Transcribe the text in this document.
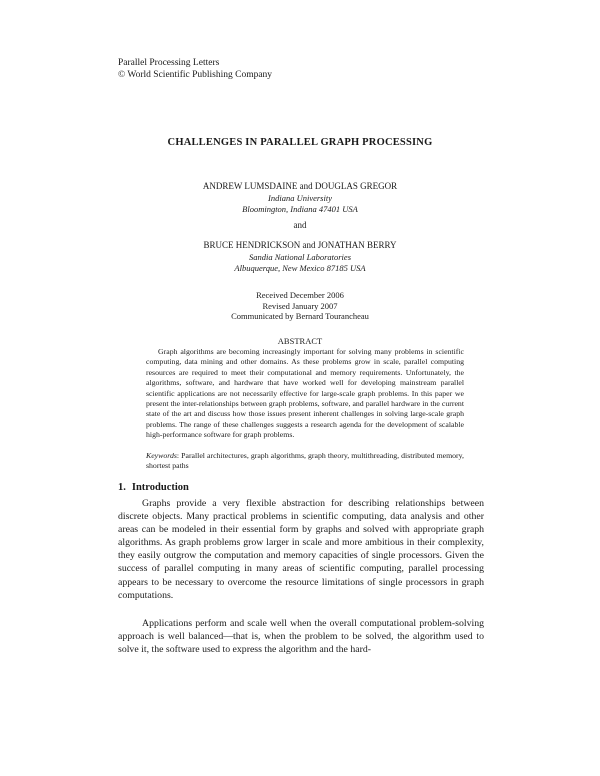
Parallel Processing Letters
© World Scientific Publishing Company
CHALLENGES IN PARALLEL GRAPH PROCESSING
ANDREW LUMSDAINE and DOUGLAS GREGOR
Indiana University
Bloomington, Indiana 47401 USA
and
BRUCE HENDRICKSON and JONATHAN BERRY
Sandia National Laboratories
Albuquerque, New Mexico 87185 USA
Received December 2006
Revised January 2007
Communicated by Bernard Tourancheau
ABSTRACT

Graph algorithms are becoming increasingly important for solving many problems in scientific computing, data mining and other domains. As these problems grow in scale, parallel computing resources are required to meet their computational and memory requirements. Unfortunately, the algorithms, software, and hardware that have worked well for developing mainstream parallel scientific applications are not necessarily effective for large-scale graph problems. In this paper we present the inter-relationships between graph problems, software, and parallel hardware in the current state of the art and discuss how those issues present inherent challenges in solving large-scale graph problems. The range of these challenges suggests a research agenda for the development of scalable high-performance software for graph problems.

Keywords: Parallel architectures, graph algorithms, graph theory, multithreading, distributed memory, shortest paths

1. Introduction

Graphs provide a very flexible abstraction for describing relationships between discrete objects. Many practical problems in scientific computing, data analysis and other areas can be modeled in their essential form by graphs and solved with appropriate graph algorithms. As graph problems grow larger in scale and more ambitious in their complexity, they easily outgrow the computation and memory capacities of single processors. Given the success of parallel computing in many areas of scientific computing, parallel processing appears to be necessary to overcome the resource limitations of single processors in graph computations.

Applications perform and scale well when the overall computational problem-solving approach is well balanced—that is, when the problem to be solved, the algorithm used to solve it, the software used to express the algorithm and the hard-
